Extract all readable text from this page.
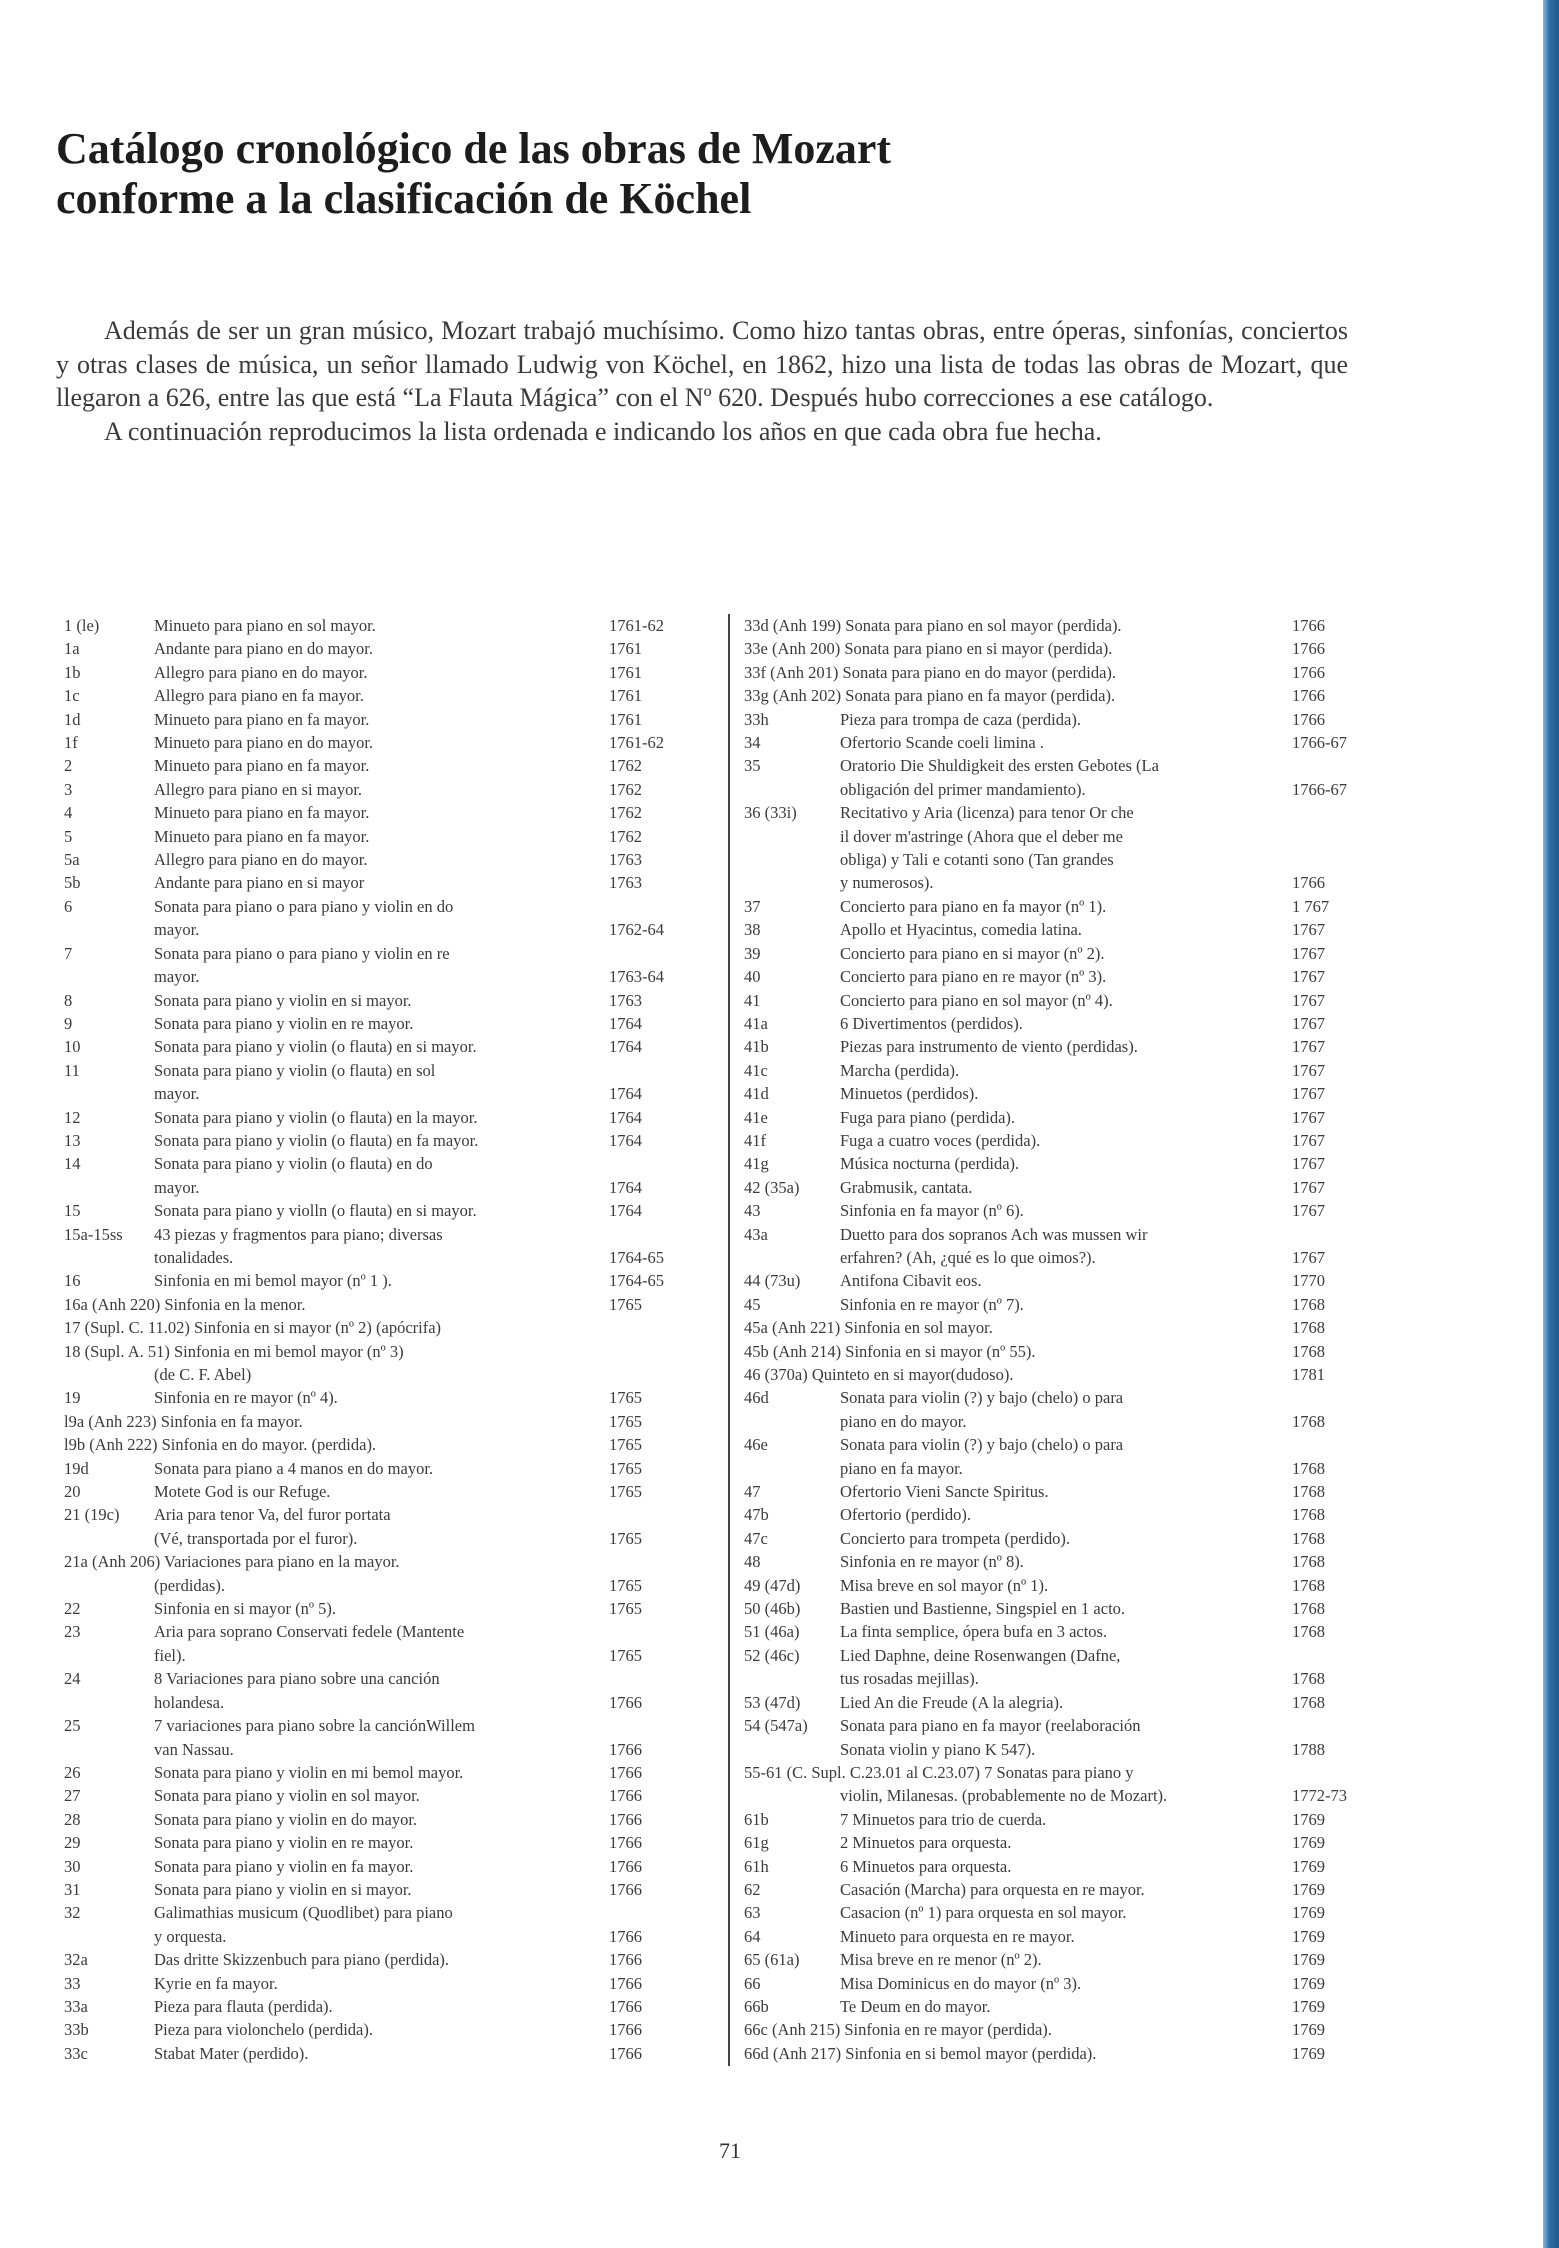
Catálogo cronológico de las obras de Mozart
conforme a la clasificación de Köchel

Además de ser un gran músico, Mozart trabajó muchísimo. Como hizo tantas obras, entre óperas, sinfonías, conciertos y otras clases de música, un señor llamado Ludwig von Köchel, en 1862, hizo una lista de todas las obras de Mozart, que llegaron a 626, entre las que está “La Flauta Mágica” con el Nº 620. Después hubo correcciones a ese catálogo.

A continuación reproducimos la lista ordenada e indicando los años en que cada obra fue hecha.

1 (le)	Minueto para piano en sol mayor.	1761-62
1a	Andante para piano en do mayor.	1761
1b	Allegro para piano en do mayor.	1761
1c	Allegro para piano en fa mayor.	1761
1d	Minueto para piano en fa mayor.	1761
1f	Minueto para piano en do mayor.	1761-62
2	Minueto para piano en fa mayor.	1762
3	Allegro para piano en si mayor.	1762
4	Minueto para piano en fa mayor.	1762
5	Minueto para piano en fa mayor.	1762
5a	Allegro para piano en do mayor.	1763
5b	Andante para piano en si mayor	1763
6	Sonata para piano o para piano y violin en do
mayor.	1762-64
7	Sonata para piano o para piano y violin en re
mayor.	1763-64
8	Sonata para piano y violin en si mayor.	1763
9	Sonata para piano y violin en re mayor.	1764
10	Sonata para piano y violin (o flauta) en si mayor.	1764
11	Sonata para piano y violin (o flauta) en sol
mayor.	1764
12	Sonata para piano y violin (o flauta) en la mayor.	1764
13	Sonata para piano y violin (o flauta) en fa mayor.	1764
14	Sonata para piano y violin (o flauta) en do
mayor.	1764
15	Sonata para piano y violln (o flauta) en si mayor.	1764
15a-15ss	43 piezas y fragmentos para piano; diversas
tonalidades.	1764-65
16	Sinfonia en mi bemol mayor (nº 1 ).	1764-65
16a (Anh 220) Sinfonia en la menor.	1765
17 (Supl. C. 11.02) Sinfonia en si mayor (nº 2) (apócrifa)
18 (Supl. A. 51) Sinfonia en mi bemol mayor (nº 3)
(de C. F. Abel)
19	Sinfonia en re mayor (nº 4).	1765
l9a (Anh 223) Sinfonia en fa mayor.	1765
l9b (Anh 222) Sinfonia en do mayor. (perdida).	1765
19d	Sonata para piano a 4 manos en do mayor.	1765
20	Motete God is our Refuge.	1765
21 (19c)	Aria para tenor Va, del furor portata
(Vé, transportada por el furor).	1765
21a (Anh 206) Variaciones para piano en la mayor.
(perdidas).	1765
22	Sinfonia en si mayor (nº 5).	1765
23	Aria para soprano Conservati fedele (Mantente
fiel).	1765
24	8 Variaciones para piano sobre una canción
holandesa.	1766
25	7 variaciones para piano sobre la canciónWillem
van Nassau.	1766
26	Sonata para piano y violin en mi bemol mayor.	1766
27	Sonata para piano y violin en sol mayor.	1766
28	Sonata para piano y violin en do mayor.	1766
29	Sonata para piano y violin en re mayor.	1766
30	Sonata para piano y violin en fa mayor.	1766
31	Sonata para piano y violin en si mayor.	1766
32	Galimathias musicum (Quodlibet) para piano
y orquesta.	1766
32a	Das dritte Skizzenbuch para piano (perdida).	1766
33	Kyrie en fa mayor.	1766
33a	Pieza para flauta (perdida).	1766
33b	Pieza para violonchelo (perdida).	1766
33c	Stabat Mater (perdido).	1766
33d (Anh 199) Sonata para piano en sol mayor (perdida).	1766
33e (Anh 200) Sonata para piano en si mayor (perdida).	1766
33f (Anh 201) Sonata para piano en do mayor (perdida).	1766
33g (Anh 202) Sonata para piano en fa mayor (perdida).	1766
33h	Pieza para trompa de caza (perdida).	1766
34	Ofertorio Scande coeli limina .	1766-67
35	Oratorio Die Shuldigkeit des ersten Gebotes (La
obligación del primer mandamiento).	1766-67
36 (33i)	Recitativo y Aria (licenza) para tenor Or che
il dover m'astringe (Ahora que el deber me
obliga) y Tali e cotanti sono (Tan grandes
y numerosos).	1766
37	Concierto para piano en fa mayor (nº 1).	1 767
38	Apollo et Hyacintus, comedia latina.	1767
39	Concierto para piano en si mayor (nº 2).	1767
40	Concierto para piano en re mayor (nº 3).	1767
41	Concierto para piano en sol mayor (nº 4).	1767
41a	6 Divertimentos (perdidos).	1767
41b	Piezas para instrumento de viento (perdidas).	1767
41c	Marcha (perdida).	1767
41d	Minuetos (perdidos).	1767
41e	Fuga para piano (perdida).	1767
41f	Fuga a cuatro voces (perdida).	1767
41g	Música nocturna (perdida).	1767
42 (35a)	Grabmusik, cantata.	1767
43	Sinfonia en fa mayor (nº 6).	1767
43a	Duetto para dos sopranos Ach was mussen wir
erfahren? (Ah, ¿qué es lo que oimos?).	1767
44 (73u)	Antifona Cibavit eos.	1770
45	Sinfonia en re mayor (nº 7).	1768
45a (Anh 221) Sinfonia en sol mayor.	1768
45b (Anh 214) Sinfonia en si mayor (nº 55).	1768
46 (370a) Quinteto en si mayor(dudoso).	1781
46d	Sonata para violin (?) y bajo (chelo) o para
piano en do mayor.	1768
46e	Sonata para violin (?) y bajo (chelo) o para
piano en fa mayor.	1768
47	Ofertorio Vieni Sancte Spiritus.	1768
47b	Ofertorio (perdido).	1768
47c	Concierto para trompeta (perdido).	1768
48	Sinfonia en re mayor (nº 8).	1768
49 (47d)	Misa breve en sol mayor (nº 1).	1768
50 (46b)	Bastien und Bastienne, Singspiel en 1 acto.	1768
51 (46a)	La finta semplice, ópera bufa en 3 actos.	1768
52 (46c)	Lied Daphne, deine Rosenwangen (Dafne,
tus rosadas mejillas).	1768
53 (47d)	Lied An die Freude (A la alegria).	1768
54 (547a)	Sonata para piano en fa mayor (reelaboración
Sonata violin y piano K 547).	1788
55-61 (C. Supl. C.23.01 al C.23.07) 7 Sonatas para piano y
violin, Milanesas. (probablemente no de Mozart).	1772-73
61b	7 Minuetos para trio de cuerda.	1769
61g	2 Minuetos para orquesta.	1769
61h	6 Minuetos para orquesta.	1769
62	Casación (Marcha) para orquesta en re mayor.	1769
63	Casacion (nº 1) para orquesta en sol mayor.	1769
64	Minueto para orquesta en re mayor.	1769
65 (61a)	Misa breve en re menor (nº 2).	1769
66	Misa Dominicus en do mayor (nº 3).	1769
66b	Te Deum en do mayor.	1769
66c (Anh 215) Sinfonia en re mayor (perdida).	1769
66d (Anh 217) Sinfonia en si bemol mayor (perdida).	1769
71
